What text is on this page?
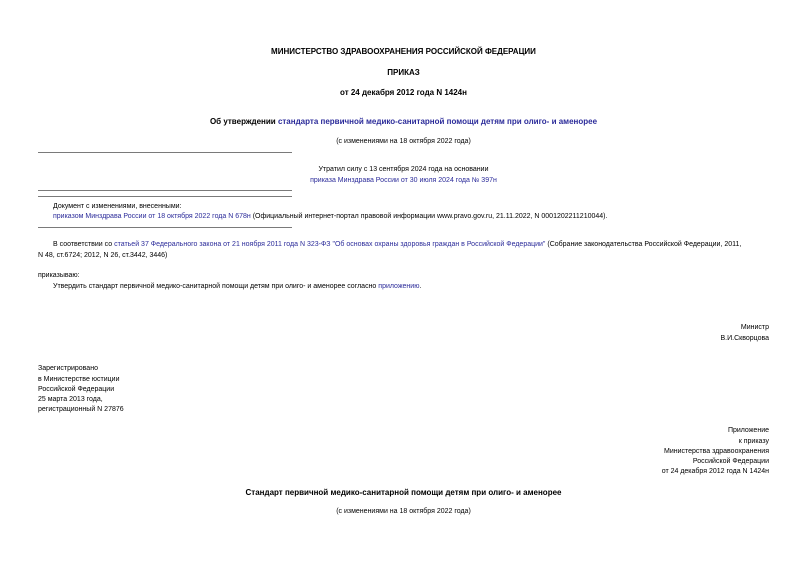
МИНИСТЕРСТВО ЗДРАВООХРАНЕНИЯ РОССИЙСКОЙ ФЕДЕРАЦИИ
ПРИКАЗ
от 24 декабря 2012 года N 1424н
Об утверждении стандарта первичной медико-санитарной помощи детям при олиго- и аменорее
(с изменениями на 18 октября 2022 года)
Утратил силу с 13 сентября 2024 года на основании
приказа Минздрава России от 30 июля 2024 года № 397н
Документ с изменениями, внесенными:
приказом Минздрава России от 18 октября 2022 года N 678н (Официальный интернет-портал правовой информации www.pravo.gov.ru, 21.11.2022, N 0001202211210044).
В соответствии со статьей 37 Федерального закона от 21 ноября 2011 года N 323-ФЗ "Об основах охраны здоровья граждан в Российской Федерации" (Собрание законодательства Российской Федерации, 2011,
N 48, ст.6724; 2012, N 26, ст.3442, 3446)
приказываю:
Утвердить стандарт первичной медико-санитарной помощи детям при олиго- и аменорее согласно приложению.
Министр
В.И.Скворцова
Зарегистрировано
в Министерстве юстиции
Российской Федерации
25 марта 2013 года,
регистрационный N 27876
Приложение
к приказу
Министерства здравоохранения
Российской Федерации
от 24 декабря 2012 года N 1424н
Стандарт первичной медико-санитарной помощи детям при олиго- и аменорее
(с изменениями на 18 октября 2022 года)
